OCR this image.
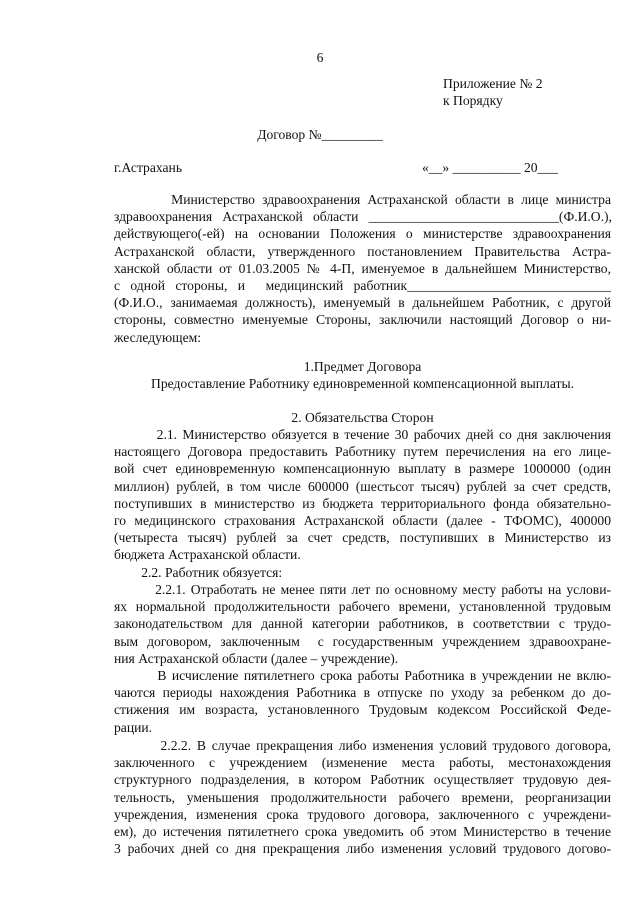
6
Приложение № 2
к Порядку
Договор №_________
г.Астрахань	«__» __________ 20___
Министерство здравоохранения Астраханской области в лице министра
здравоохранения   Астраханской   области   ____________________________(Ф.И.О.),
действующего(-ей) на основании Положения о министерстве здравоохранения
Астраханской области, утвержденного постановлением Правительства Астра-
ханской области от 01.03.2005 № 4-П, именуемое в дальнейшем Министерство,
с одной стороны, и  медицинский работник______________________________
(Ф.И.О., занимаемая должность), именуемый в дальнейшем Работник, с другой
стороны, совместно именуемые Стороны, заключили настоящий Договор о ни-
жеследующем:
1.Предмет Договора
Предоставление Работнику единовременной компенсационной выплаты.
2. Обязательства Сторон
2.1. Министерство обязуется в течение 30 рабочих дней со дня заключения
настоящего Договора предоставить Работнику путем перечисления на его лице-
вой счет единовременную компенсационную выплату в размере 1000000 (один
миллион) рублей, в том числе 600000 (шестьсот тысяч) рублей за счет средств,
поступивших в министерство из бюджета территориального фонда обязательно-
го медицинского страхования Астраханской области (далее - ТФОМС), 400000
(четыреста тысяч) рублей за счет средств, поступивших в Министерство из
бюджета Астраханской области.
2.2. Работник обязуется:
2.2.1. Отработать не менее пяти лет по основному месту работы на услови-
ях нормальной продолжительности рабочего времени, установленной трудовым
законодательством для данной категории работников, в соответствии с трудо-
вым договором, заключенным  с государственным учреждением здравоохране-
ния Астраханской области (далее – учреждение).
В исчисление пятилетнего срока работы Работника в учреждении не вклю-
чаются периоды нахождения Работника в отпуске по уходу за ребенком до до-
стижения им возраста, установленного Трудовым кодексом Российской Феде-
рации.
2.2.2. В случае прекращения либо изменения условий трудового договора,
заключенного  с  учреждением  (изменение  места  работы,  местонахождения
структурного подразделения, в котором Работник осуществляет трудовую дея-
тельность, уменьшения продолжительности рабочего времени, реорганизации
учреждения, изменения срока трудового договора, заключенного с учреждени-
ем), до истечения пятилетнего срока уведомить об этом Министерство в течение
3 рабочих дней со дня прекращения либо изменения условий трудового догово-
